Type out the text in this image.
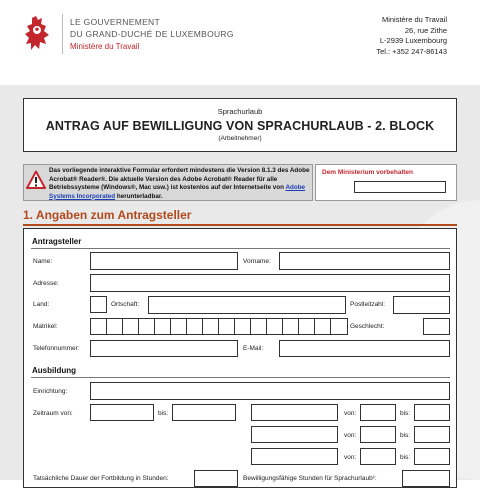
LE GOUVERNEMENT
DU GRAND-DUCHÉ DE LUXEMBOURG
Ministère du Travail
Ministère du Travail
26, rue Zithe
L-2939 Luxembourg
Tel.: +352 247-86143
Sprachurlaub
ANTRAG AUF BEWILLIGUNG VON SPRACHURLAUB - 2. BLOCK
(Arbeitnehmer)
Das vorliegende interaktive Formular erfordert mindestens die Version 8.1.3 des Adobe Acrobat® Reader®. Die aktuelle Version des Adobe Acrobat® Reader für alle Betriebssysteme (Windows®, Mac usw.) ist kostenlos auf der Internetseite von Adobe Systems Incorporated herunterladbar.
Dem Ministerium vorbehalten
1. Angaben zum Antragsteller
Antragsteller
Name:	Vorname:
Adresse:
Land:	Ortschaft:	Postleitzahl:
Matrikel:	Geschlecht:
Telefonnummer:	E-Mail:
Ausbildung
Einrichtung:
Zeitraum von:	bis:	von:	bis:
von:	bis:
von:	bis:
Tatsächliche Dauer der Fortbildung in Stunden:	Bewilligungsfähige Stunden für Sprachurlaub¹:
